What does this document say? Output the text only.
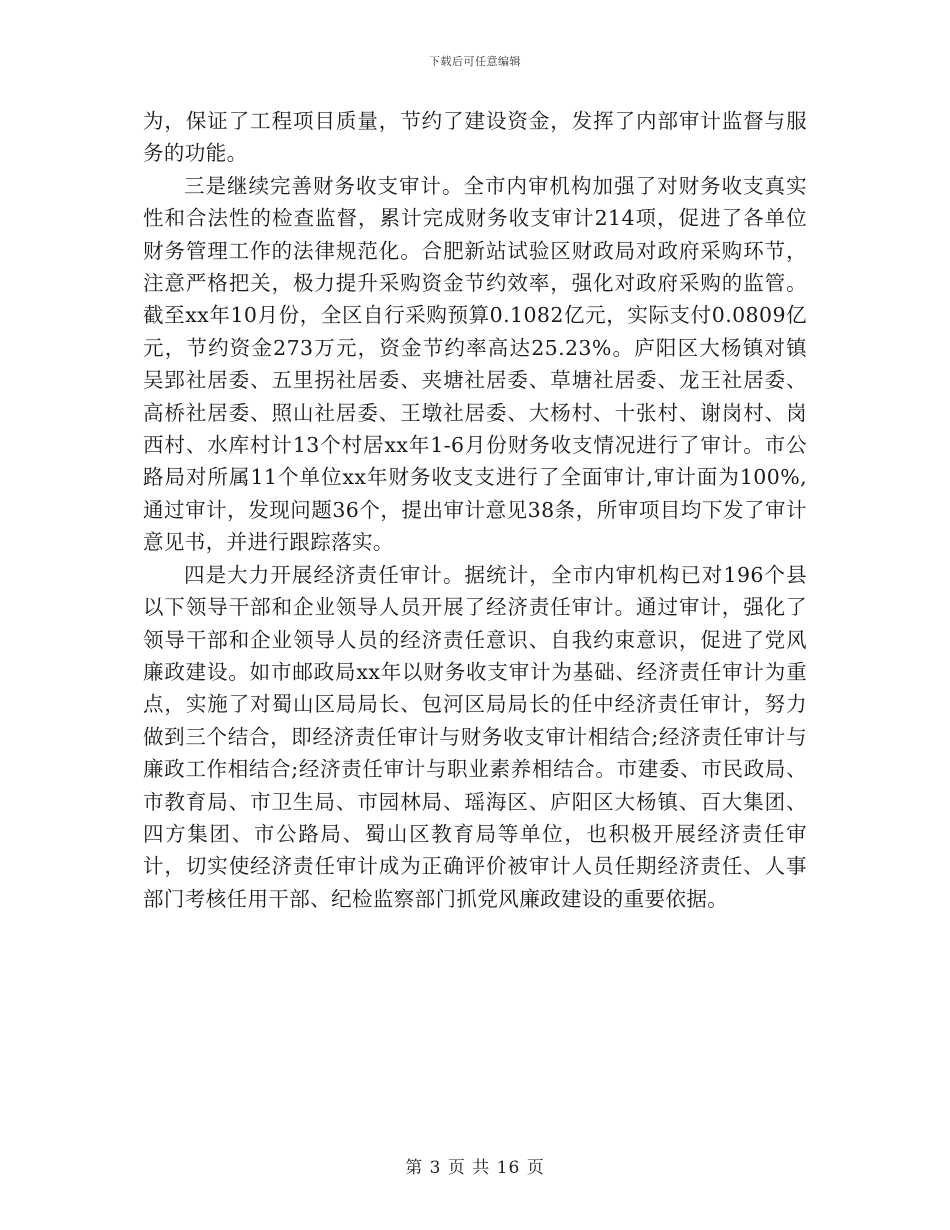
下载后可任意编辑

为，保证了工程项目质量，节约了建设资金，发挥了内部审计监督与服务的功能。

三是继续完善财务收支审计。全市内审机构加强了对财务收支真实性和合法性的检查监督，累计完成财务收支审计214项，促进了各单位财务管理工作的法律规范化。合肥新站试验区财政局对政府采购环节，注意严格把关，极力提升采购资金节约效率，强化对政府采购的监管。截至xx年10月份，全区自行采购预算0.1082亿元，实际支付0.0809亿元，节约资金273万元，资金节约率高达25.23%。庐阳区大杨镇对镇吴郢社居委、五里拐社居委、夹塘社居委、草塘社居委、龙王社居委、高桥社居委、照山社居委、王墩社居委、大杨村、十张村、谢岗村、岗西村、水库村计13个村居xx年1-6月份财务收支情况进行了审计。市公路局对所属11个单位xx年财务收支支进行了全面审计,审计面为100%,通过审计，发现问题36个，提出审计意见38条，所审项目均下发了审计意见书，并进行跟踪落实。

四是大力开展经济责任审计。据统计，全市内审机构已对196个县以下领导干部和企业领导人员开展了经济责任审计。通过审计，强化了领导干部和企业领导人员的经济责任意识、自我约束意识，促进了党风廉政建设。如市邮政局xx年以财务收支审计为基础、经济责任审计为重点，实施了对蜀山区局局长、包河区局局长的任中经济责任审计，努力做到三个结合，即经济责任审计与财务收支审计相结合;经济责任审计与廉政工作相结合;经济责任审计与职业素养相结合。市建委、市民政局、市教育局、市卫生局、市园林局、瑶海区、庐阳区大杨镇、百大集团、四方集团、市公路局、蜀山区教育局等单位，也积极开展经济责任审计，切实使经济责任审计成为正确评价被审计人员任期经济责任、人事部门考核任用干部、纪检监察部门抓党风廉政建设的重要依据。

第 3 页 共 16 页
